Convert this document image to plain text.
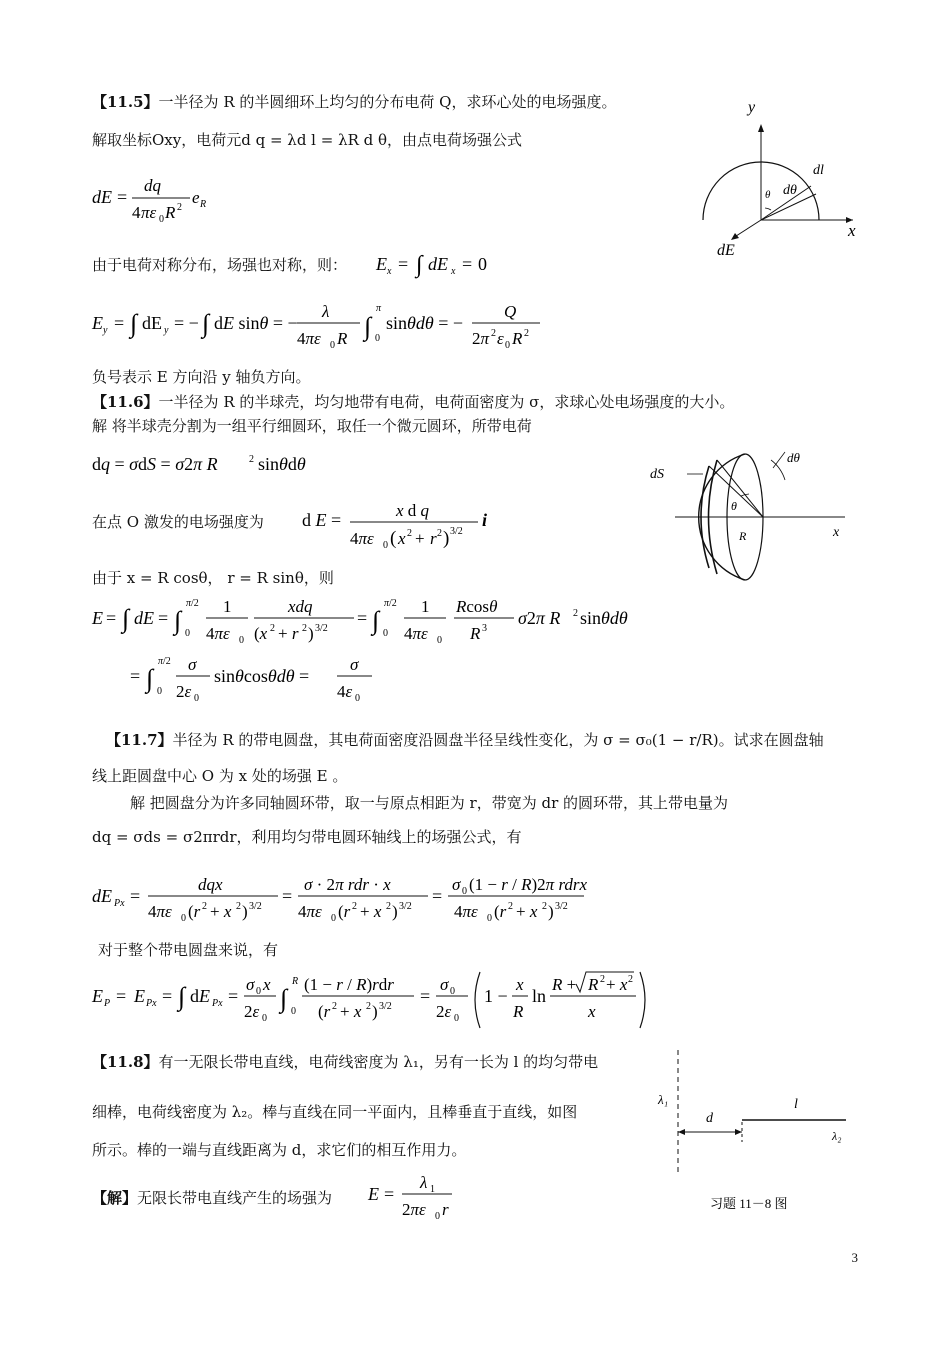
【11.5】一半径为 R 的半圆细环上均匀的分布电荷 Q，求环心处的电场强度。
解取坐标Oxy，电荷元d q = λd l = λR d θ，由点电荷场强公式
dE =
dq
4 πε 0 R 2
e R
由于电荷对称分布，场强也对称，则： E x = ∫ dE x = 0
E y = ∫ dE y = − ∫ dE sinθ = −
λ
4πε 0 R ∫
π
0
sinθdθ = −
Q
2π 2 ε 0 R 2
负号表示 E 方向沿 y 轴负方向。
y
x
dl
dθ
θ
dE
【11.6】一半径为 R 的半球壳，均匀地带有电荷，电荷面密度为 σ，求球心处电场强度的大小。
解 将半球壳分割为一组平行细圆环，取任一个微元圆环，所带电荷
dq = σdS = σ2π R	2 sinθdθ
在点 O 激发的电场强度为 d E =	x d q
4πε 0 ( x 2 + r 2 ) 3/2
i
由于 x = R cosθ， r = R sinθ，则
E = ∫ dE = ∫
π/2
0
1
4πε 0
xdq
(x 2 + r 2 ) 3/2
= ∫
π/2
0
1
4πε 0
Rcosθ
R 3
σ2π R 2 sinθdθ
= ∫
π/2
0
σ
2ε 0
sinθcosθdθ =
σ
4ε 0
dS
dθ
θ
R	x
【11.7】半径为 R 的带电圆盘，其电荷面密度沿圆盘半径呈线性变化，为 σ = σ₀(1 − r/R)。试求在圆盘轴
线上距圆盘中心 O 为 x 处的场强 E 。
解 把圆盘分为许多同轴圆环带，取一与原点相距为 r，带宽为 dr 的圆环带，其上带电量为
dq = σds = σ2πrdr，利用均匀带电圆环轴线上的场强公式，有
dE Px =
dqx
4πε 0 (r 2 + x 2 ) 3/2
=
σ · 2π rdr · x
4πε 0 (r 2 + x 2 ) 3/2
=
σ 0 (1 − r / R)2π rdrx
4πε 0 (r 2 + x 2 ) 3/2
对于整个带电圆盘来说，有
E P = E Px = ∫ dE Px =
σ 0 x
2ε 0
∫
R
0
(1 − r / R)rdr
(r 2 + x 2 ) 3/2
=
σ 0
2ε 0
1 −
x
R
ln
R + R 2 + x 2
x
【11.8】有一无限长带电直线，电荷线密度为 λ₁，另有一长为 l 的均匀带电
细棒，电荷线密度为 λ₂。棒与直线在同一平面内，且棒垂直于直线，如图
所示。棒的一端与直线距离为 d，求它们的相互作用力。
【解】无限长带电直线产生的场强为 E =
λ 1
2πε 0 r
λ₁
d
l
λ₂
习题 11－8 图
3
